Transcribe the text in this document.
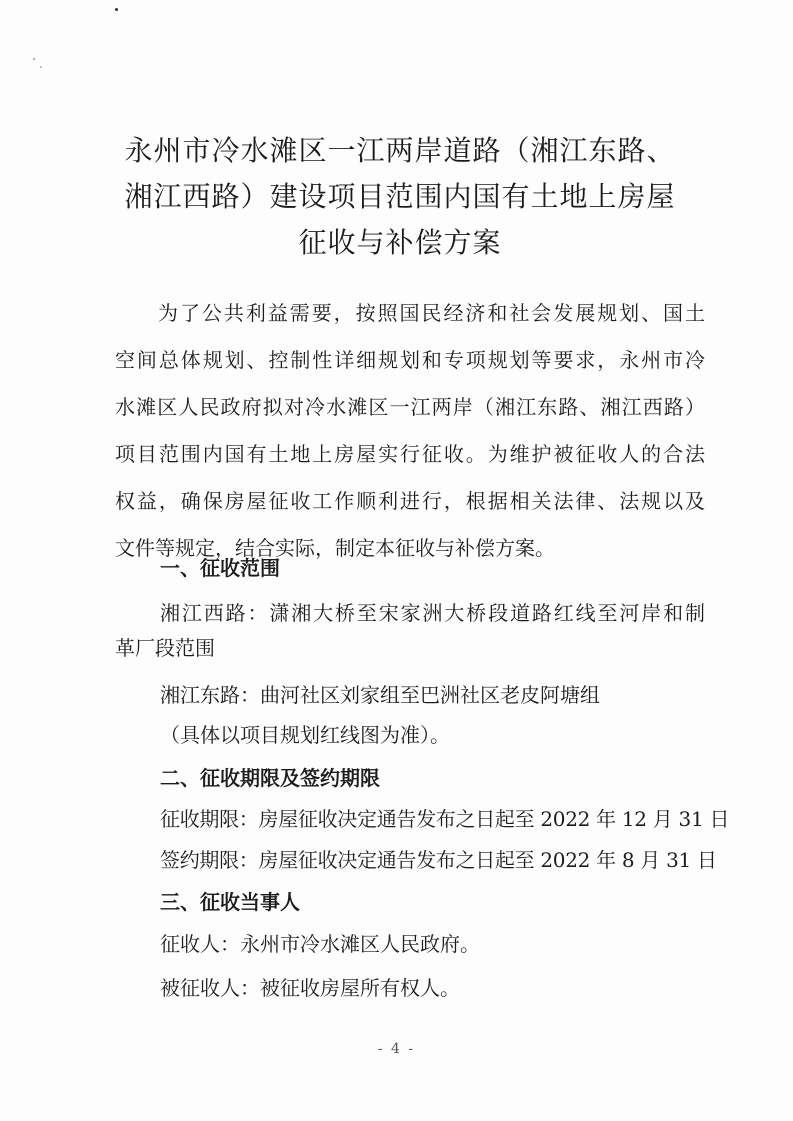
永州市冷水滩区一江两岸道路（湘江东路、
湘江西路）建设项目范围内国有土地上房屋
征收与补偿方案
为了公共利益需要，按照国民经济和社会发展规划、国土
空间总体规划、控制性详细规划和专项规划等要求，永州市冷
水滩区人民政府拟对冷水滩区一江两岸（湘江东路、湘江西路）
项目范围内国有土地上房屋实行征收。为维护被征收人的合法
权益，确保房屋征收工作顺利进行，根据相关法律、法规以及
文件等规定，结合实际，制定本征收与补偿方案。
一、征收范围
湘江西路：潇湘大桥至宋家洲大桥段道路红线至河岸和制
革厂段范围
湘江东路：曲河社区刘家组至巴洲社区老皮阿塘组
（具体以项目规划红线图为准）。
二、征收期限及签约期限
征收期限：房屋征收决定通告发布之日起至 2022 年 12 月 31 日
签约期限：房屋征收决定通告发布之日起至 2022 年 8 月 31 日
三、征收当事人
征收人：永州市冷水滩区人民政府。
被征收人：被征收房屋所有权人。
- 4 -
